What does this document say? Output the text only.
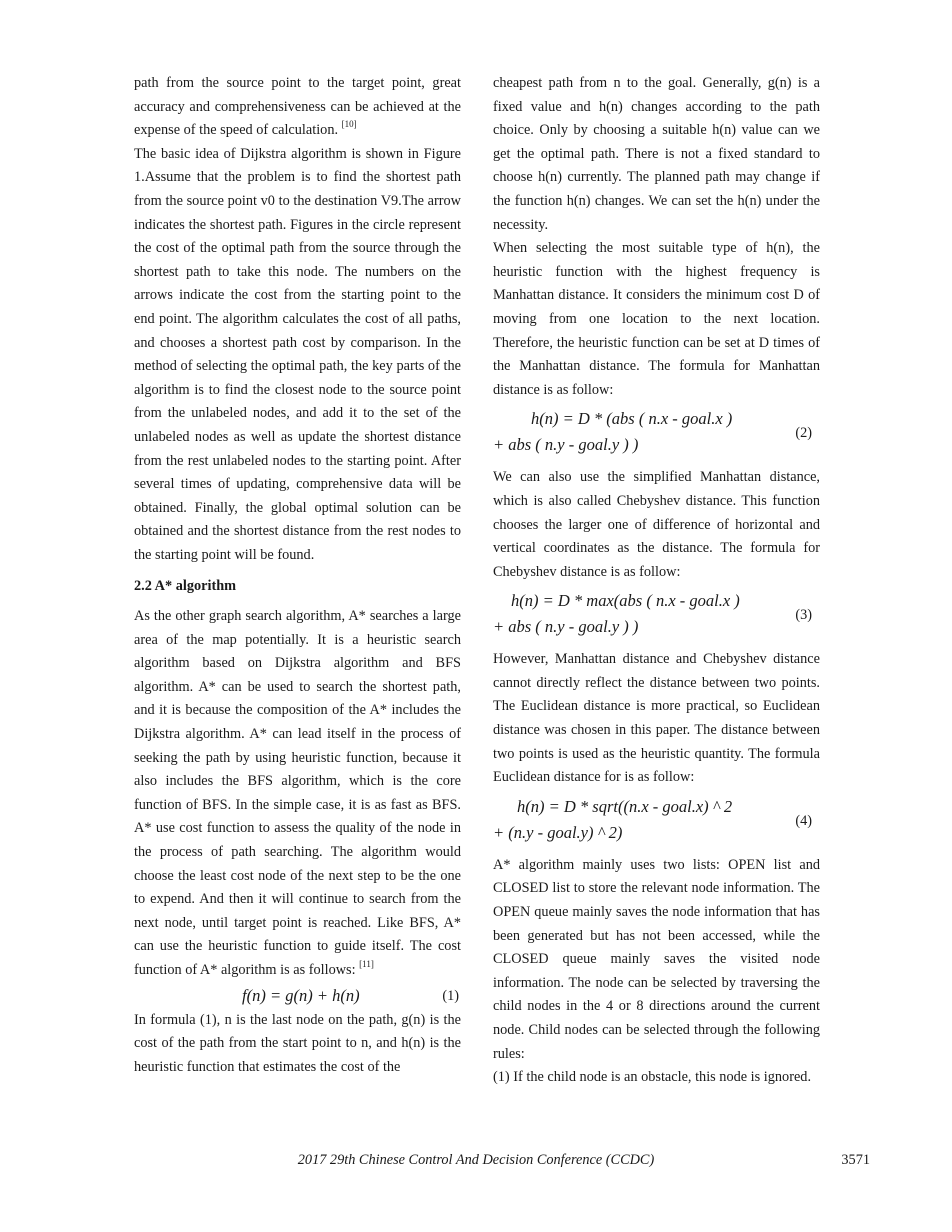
path from the source point to the target point, great accuracy and comprehensiveness can be achieved at the expense of the speed of calculation. [10]

The basic idea of Dijkstra algorithm is shown in Figure 1.Assume that the problem is to find the shortest path from the source point v0 to the destination V9.The arrow indicates the shortest path. Figures in the circle represent the cost of the optimal path from the source through the shortest path to take this node. The numbers on the arrows indicate the cost from the starting point to the end point. The algorithm calculates the cost of all paths, and chooses a shortest path cost by comparison. In the method of selecting the optimal path, the key parts of the algorithm is to find the closest node to the source point from the unlabeled nodes, and add it to the set of the unlabeled nodes as well as update the shortest distance from the rest unlabeled nodes to the starting point. After several times of updating, comprehensive data will be obtained. Finally, the global optimal solution can be obtained and the shortest distance from the rest nodes to the starting point will be found.

2.2 A* algorithm

As the other graph search algorithm, A* searches a large area of the map potentially. It is a heuristic search algorithm based on Dijkstra algorithm and BFS algorithm. A* can be used to search the shortest path, and it is because the composition of the A* includes the Dijkstra algorithm. A* can lead itself in the process of seeking the path by using heuristic function, because it also includes the BFS algorithm, which is the core function of BFS. In the simple case, it is as fast as BFS. A* use cost function to assess the quality of the node in the process of path searching. The algorithm would choose the least cost node of the next step to be the one to expend. And then it will continue to search from the next node, until target point is reached. Like BFS, A* can use the heuristic function to guide itself. The cost function of A* algorithm is as follows: [11]

f(n) = g(n) + h(n)	(1)

In formula (1), n is the last node on the path, g(n) is the cost of the path from the start point to n, and h(n) is the heuristic function that estimates the cost of the

cheapest path from n to the goal. Generally, g(n) is a fixed value and h(n) changes according to the path choice. Only by choosing a suitable h(n) value can we get the optimal path. There is not a fixed standard to choose h(n) currently. The planned path may change if the function h(n) changes. We can set the h(n) under the necessity.

When selecting the most suitable type of h(n), the heuristic function with the highest frequency is Manhattan distance. It considers the minimum cost D of moving from one location to the next location. Therefore, the heuristic function can be set at D times of the Manhattan distance. The formula for Manhattan distance is as follow:

h(n) = D * (abs ( n.x - goal.x )
+ abs ( n.y - goal.y ) )
(2)

We can also use the simplified Manhattan distance, which is also called Chebyshev distance. This function chooses the larger one of difference of horizontal and vertical coordinates as the distance. The formula for Chebyshev distance is as follow:

h(n) = D * max(abs ( n.x - goal.x )
+ abs ( n.y - goal.y ) )
(3)

However, Manhattan distance and Chebyshev distance cannot directly reflect the distance between two points. The Euclidean distance is more practical, so Euclidean distance was chosen in this paper. The distance between two points is used as the heuristic quantity. The formula Euclidean distance for is as follow:

h(n) = D * sqrt((n.x - goal.x) ^ 2
+ (n.y - goal.y) ^ 2)
(4)

A* algorithm mainly uses two lists: OPEN list and CLOSED list to store the relevant node information. The OPEN queue mainly saves the node information that has been generated but has not been accessed, while the CLOSED queue mainly saves the visited node information. The node can be selected by traversing the child nodes in the 4 or 8 directions around the current node. Child nodes can be selected through the following rules:

(1) If the child node is an obstacle, this node is ignored.

2017 29th Chinese Control And Decision Conference (CCDC)	3571
